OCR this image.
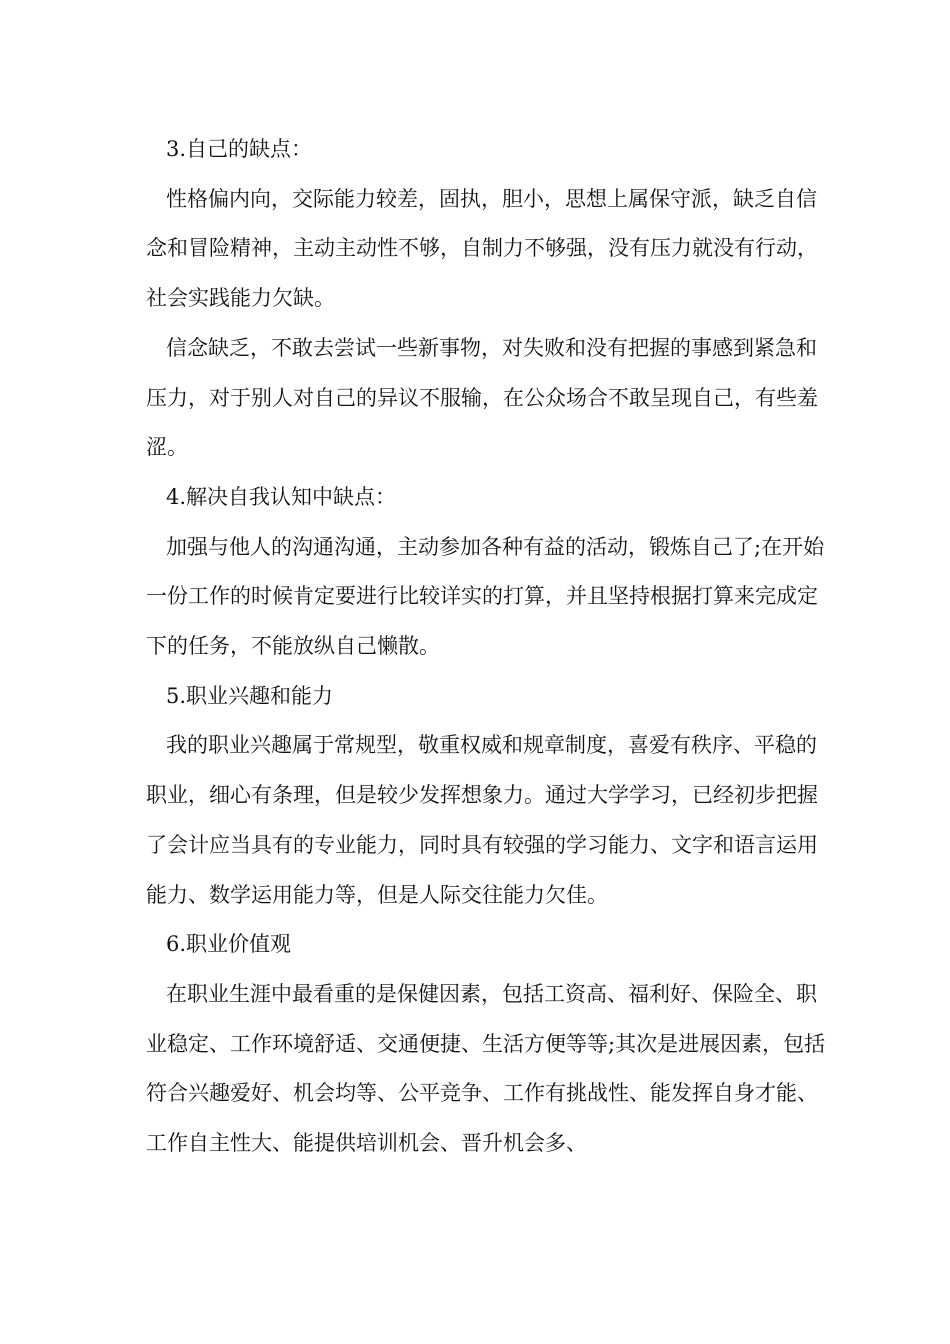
3.自己的缺点：

性格偏内向，交际能力较差，固执，胆小，思想上属保守派，缺乏自信念和冒险精神，主动主动性不够，自制力不够强，没有压力就没有行动，社会实践能力欠缺。

信念缺乏，不敢去尝试一些新事物，对失败和没有把握的事感到紧急和压力，对于别人对自己的异议不服输，在公众场合不敢呈现自己，有些羞涩。

4.解决自我认知中缺点：

加强与他人的沟通沟通，主动参加各种有益的活动，锻炼自己了;在开始一份工作的时候肯定要进行比较详实的打算，并且坚持根据打算来完成定下的任务，不能放纵自己懒散。

5.职业兴趣和能力

我的职业兴趣属于常规型，敬重权威和规章制度，喜爱有秩序、平稳的职业，细心有条理，但是较少发挥想象力。通过大学学习，已经初步把握了会计应当具有的专业能力，同时具有较强的学习能力、文字和语言运用能力、数学运用能力等，但是人际交往能力欠佳。

6.职业价值观

在职业生涯中最看重的是保健因素，包括工资高、福利好、保险全、职业稳定、工作环境舒适、交通便捷、生活方便等等;其次是进展因素，包括符合兴趣爱好、机会均等、公平竞争、工作有挑战性、能发挥自身才能、工作自主性大、能提供培训机会、晋升机会多、
